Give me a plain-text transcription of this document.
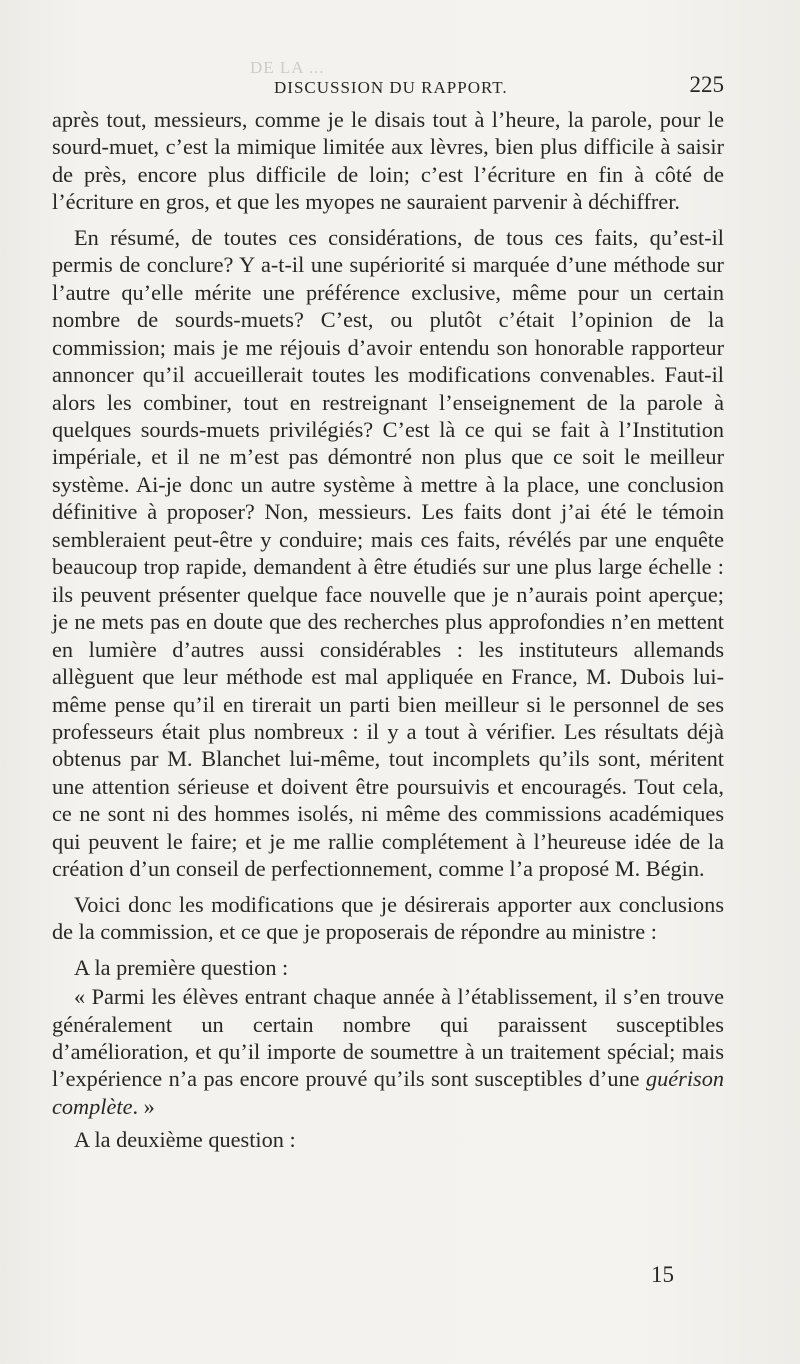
DE LA ...
DISCUSSION DU RAPPORT.	225

après tout, messieurs, comme je le disais tout à l’heure, la parole, pour le sourd-muet, c’est la mimique limitée aux lèvres, bien plus difficile à saisir de près, encore plus difficile de loin; c’est l’écriture en fin à côté de l’écriture en gros, et que les myopes ne sauraient parvenir à déchiffrer.

En résumé, de toutes ces considérations, de tous ces faits, qu’est-il permis de conclure? Y a-t-il une supériorité si marquée d’une méthode sur l’autre qu’elle mérite une préférence exclusive, même pour un certain nombre de sourds-muets? C’est, ou plutôt c’était l’opinion de la commission; mais je me réjouis d’avoir entendu son honorable rapporteur annoncer qu’il accueillerait toutes les modifications convenables. Faut-il alors les combiner, tout en restreignant l’enseignement de la parole à quelques sourds-muets privilégiés? C’est là ce qui se fait à l’Institution impériale, et il ne m’est pas démontré non plus que ce soit le meilleur système. Ai-je donc un autre système à mettre à la place, une conclusion définitive à proposer? Non, messieurs. Les faits dont j’ai été le témoin sembleraient peut-être y conduire; mais ces faits, révélés par une enquête beaucoup trop rapide, demandent à être étudiés sur une plus large échelle : ils peuvent présenter quelque face nouvelle que je n’aurais point aperçue; je ne mets pas en doute que des recherches plus approfondies n’en mettent en lumière d’autres aussi considérables : les instituteurs allemands allèguent que leur méthode est mal appliquée en France, M. Dubois lui-même pense qu’il en tirerait un parti bien meilleur si le personnel de ses professeurs était plus nombreux : il y a tout à vérifier. Les résultats déjà obtenus par M. Blanchet lui-même, tout incomplets qu’ils sont, méritent une attention sérieuse et doivent être poursuivis et encouragés. Tout cela, ce ne sont ni des hommes isolés, ni même des commissions académiques qui peuvent le faire; et je me rallie complétement à l’heureuse idée de la création d’un conseil de perfectionnement, comme l’a proposé M. Bégin.

Voici donc les modifications que je désirerais apporter aux conclusions de la commission, et ce que je proposerais de répondre au ministre :

A la première question :

« Parmi les élèves entrant chaque année à l’établissement, il s’en trouve généralement un certain nombre qui paraissent susceptibles d’amélioration, et qu’il importe de soumettre à un traitement spécial; mais l’expérience n’a pas encore prouvé qu’ils sont susceptibles d’une guérison complète. »

A la deuxième question :

15
